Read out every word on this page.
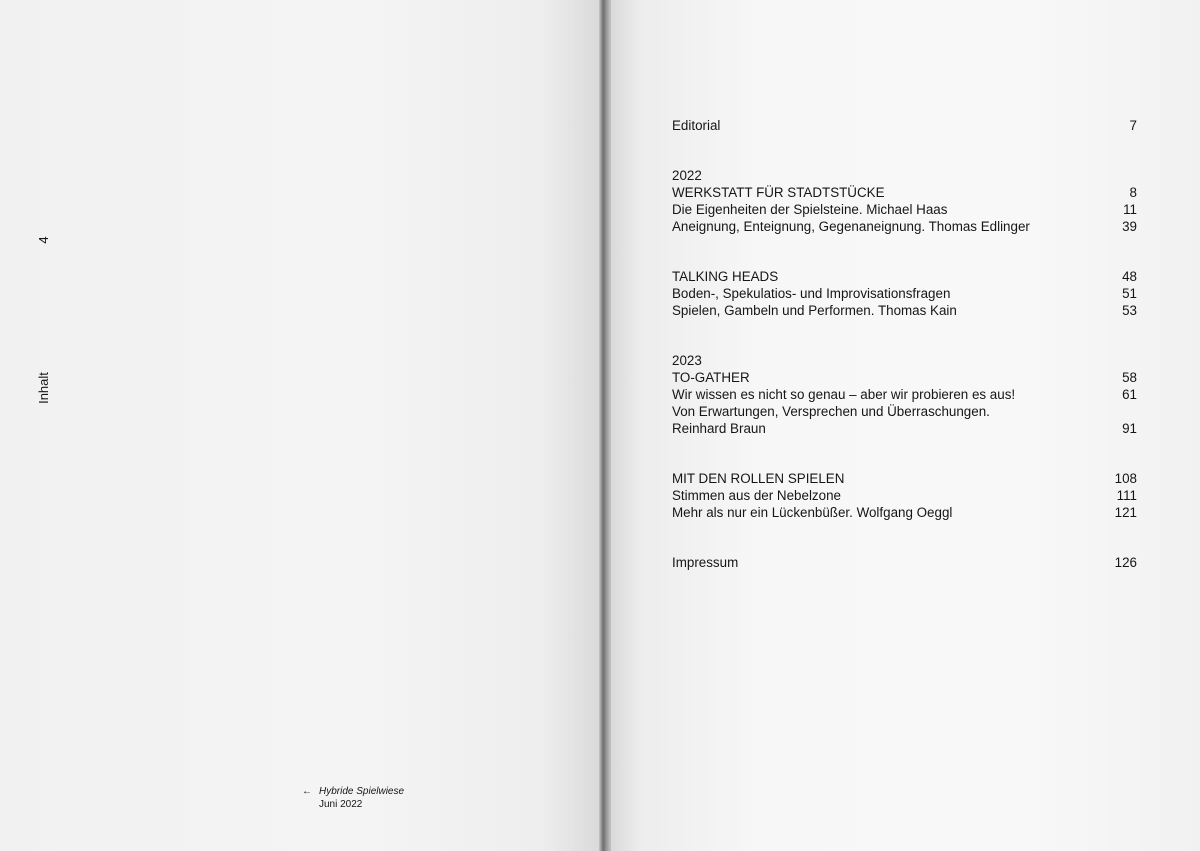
4
Inhalt
← Hybride Spielwiese
Juni 2022
Editorial	7
2022
WERKSTATT FÜR STADTSTÜCKE	8
Die Eigenheiten der Spielsteine. Michael Haas	11
Aneignung, Enteignung, Gegenaneignung. Thomas Edlinger	39
TALKING HEADS	48
Boden-, Spekulatios- und Improvisationsfragen	51
Spielen, Gambeln und Performen. Thomas Kain	53
2023
TO-GATHER	58
Wir wissen es nicht so genau – aber wir probieren es aus!	61
Von Erwartungen, Versprechen und Überraschungen.
Reinhard Braun	91
MIT DEN ROLLEN SPIELEN	108
Stimmen aus der Nebelzone	111
Mehr als nur ein Lückenbüßer. Wolfgang Oeggl	121
Impressum	126
